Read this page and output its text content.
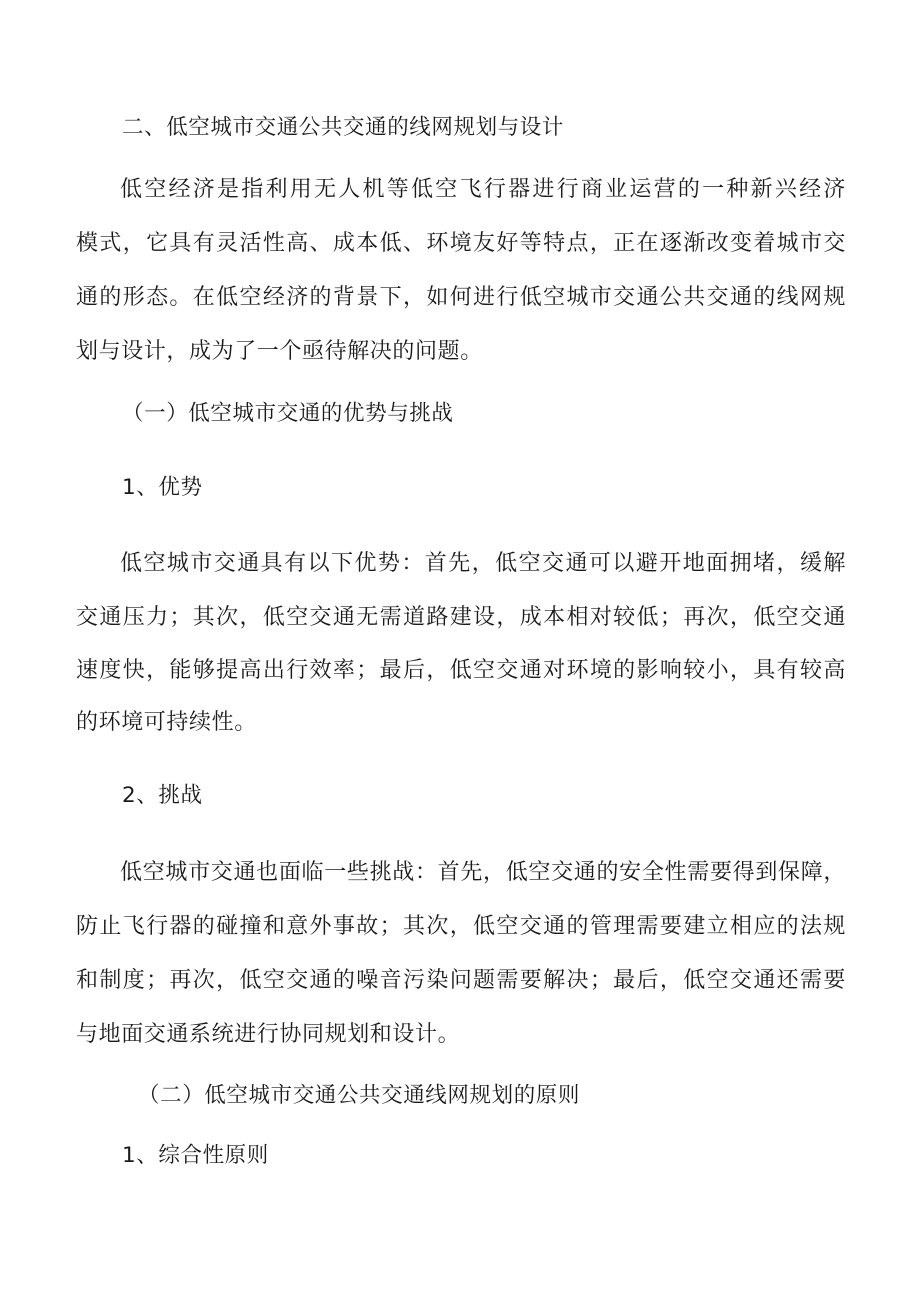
二、低空城市交通公共交通的线网规划与设计
低空经济是指利用无人机等低空飞行器进行商业运营的一种新兴经济
模式，它具有灵活性高、成本低、环境友好等特点，正在逐渐改变着城市交
通的形态。在低空经济的背景下，如何进行低空城市交通公共交通的线网规
划与设计，成为了一个亟待解决的问题。
（一）低空城市交通的优势与挑战
1、优势
低空城市交通具有以下优势：首先，低空交通可以避开地面拥堵，缓解
交通压力；其次，低空交通无需道路建设，成本相对较低；再次，低空交通
速度快，能够提高出行效率；最后，低空交通对环境的影响较小，具有较高
的环境可持续性。
2、挑战
低空城市交通也面临一些挑战：首先，低空交通的安全性需要得到保障，
防止飞行器的碰撞和意外事故；其次，低空交通的管理需要建立相应的法规
和制度；再次，低空交通的噪音污染问题需要解决；最后，低空交通还需要
与地面交通系统进行协同规划和设计。
（二）低空城市交通公共交通线网规划的原则
1、综合性原则
